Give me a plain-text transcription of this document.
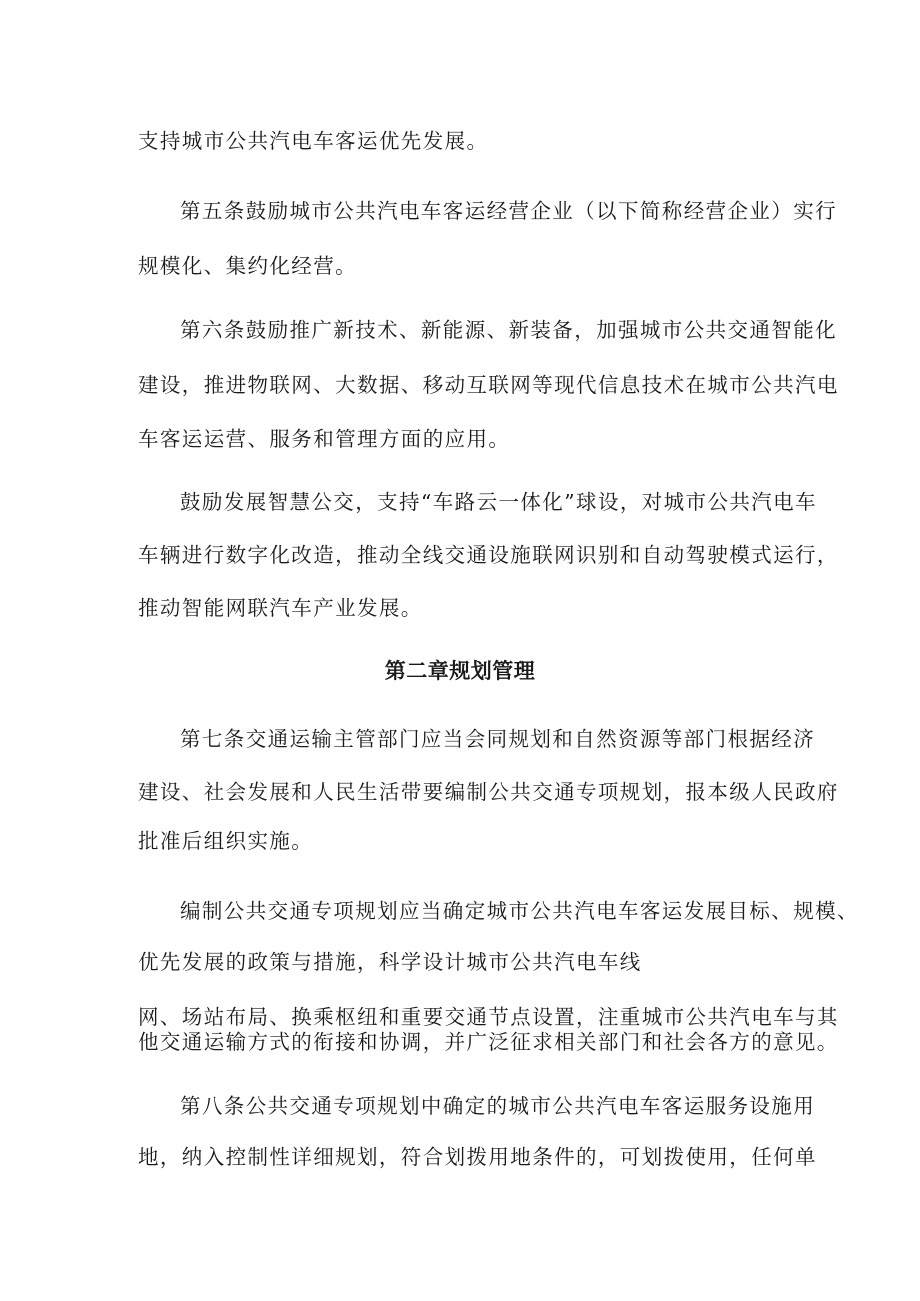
支持城市公共汽电车客运优先发展。
第五条鼓励城市公共汽电车客运经营企业（以下简称经营企业）实行
规模化、集约化经营。
第六条鼓励推广新技术、新能源、新装备，加强城市公共交通智能化
建设，推进物联网、大数据、移动互联网等现代信息技术在城市公共汽电
车客运运营、服务和管理方面的应用。
鼓励发展智慧公交，支持“车路云一体化”球设，对城市公共汽电车
车辆进行数字化改造，推动全线交通设施联网识别和自动驾驶模式运行，
推动智能网联汽车产业发展。
第二章规划管理
第七条交通运输主管部门应当会同规划和自然资源等部门根据经济
建设、社会发展和人民生活带要编制公共交通专项规划，报本级人民政府
批准后组织实施。
编制公共交通专项规划应当确定城市公共汽电车客运发展目标、规模、
优先发展的政策与措施，科学设计城市公共汽电车线
网、场站布局、换乘枢纽和重要交通节点设置，注重城市公共汽电车与其
他交通运输方式的衔接和协调，并广泛征求相关部门和社会各方的意见。
第八条公共交通专项规划中确定的城市公共汽电车客运服务设施用
地，纳入控制性详细规划，符合划拨用地条件的，可划拨使用，任何单
